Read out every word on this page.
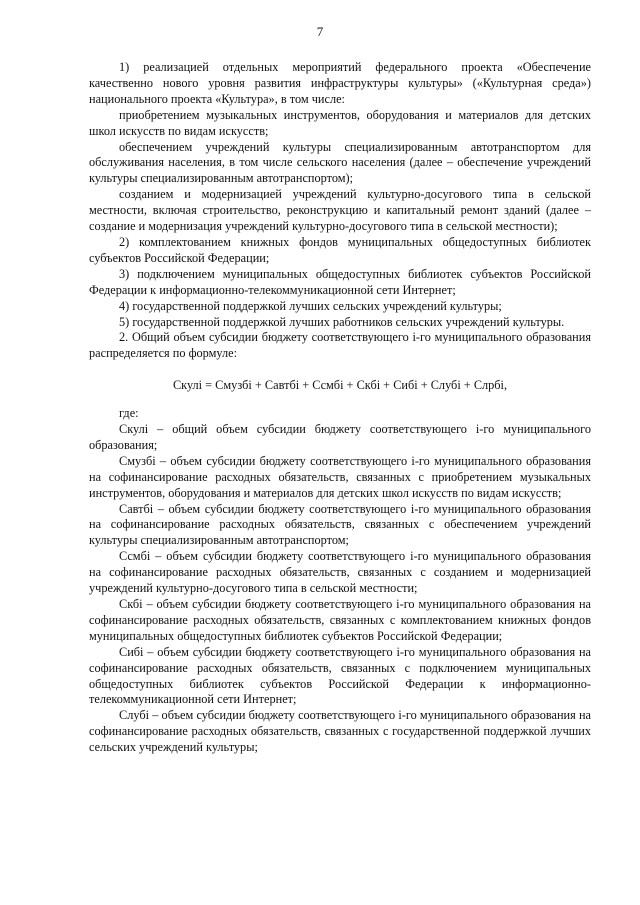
7

1) реализацией отдельных мероприятий федерального проекта «Обеспечение качественно нового уровня развития инфраструктуры культуры» («Культурная среда») национального проекта «Культура», в том числе:

приобретением музыкальных инструментов, оборудования и материалов для детских школ искусств по видам искусств;

обеспечением учреждений культуры специализированным автотранспортом для обслуживания населения, в том числе сельского населения (далее – обеспечение учреждений культуры специализированным автотранспортом);

созданием и модернизацией учреждений культурно-досугового типа в сельской местности, включая строительство, реконструкцию и капитальный ремонт зданий (далее – создание и модернизация учреждений культурно-досугового типа в сельской местности);

2) комплектованием книжных фондов муниципальных общедоступных библиотек субъектов Российской Федерации;

3) подключением муниципальных общедоступных библиотек субъектов Российской Федерации к информационно-телекоммуникационной сети Интернет;

4) государственной поддержкой лучших сельских учреждений культуры;

5) государственной поддержкой лучших работников сельских учреждений культуры.

2. Общий объем субсидии бюджету соответствующего i-го муниципального образования распределяется по формуле:

Скулi = Смузбi + Савтбi + Ссмбi + Скбi + Сибi + Слубi + Слрбi,

где:

Скулi – общий объем субсидии бюджету соответствующего i-го муниципального образования;

Смузбi – объем субсидии бюджету соответствующего i-го муниципального образования на софинансирование расходных обязательств, связанных с приобретением музыкальных инструментов, оборудования и материалов для детских школ искусств по видам искусств;

Савтбi – объем субсидии бюджету соответствующего i-го муниципального образования на софинансирование расходных обязательств, связанных с обеспечением учреждений культуры специализированным автотранспортом;

Ссмбi – объем субсидии бюджету соответствующего i-го муниципального образования на софинансирование расходных обязательств, связанных с созданием и модернизацией учреждений культурно-досугового типа в сельской местности;

Скбi – объем субсидии бюджету соответствующего i-го муниципального образования на софинансирование расходных обязательств, связанных с комплектованием книжных фондов муниципальных общедоступных библиотек субъектов Российской Федерации;

Сибi – объем субсидии бюджету соответствующего i-го муниципального образования на софинансирование расходных обязательств, связанных с подключением муниципальных общедоступных библиотек субъектов Российской Федерации к информационно-телекоммуникационной сети Интернет;

Слубi – объем субсидии бюджету соответствующего i-го муниципального образования на софинансирование расходных обязательств, связанных с государственной поддержкой лучших сельских учреждений культуры;
